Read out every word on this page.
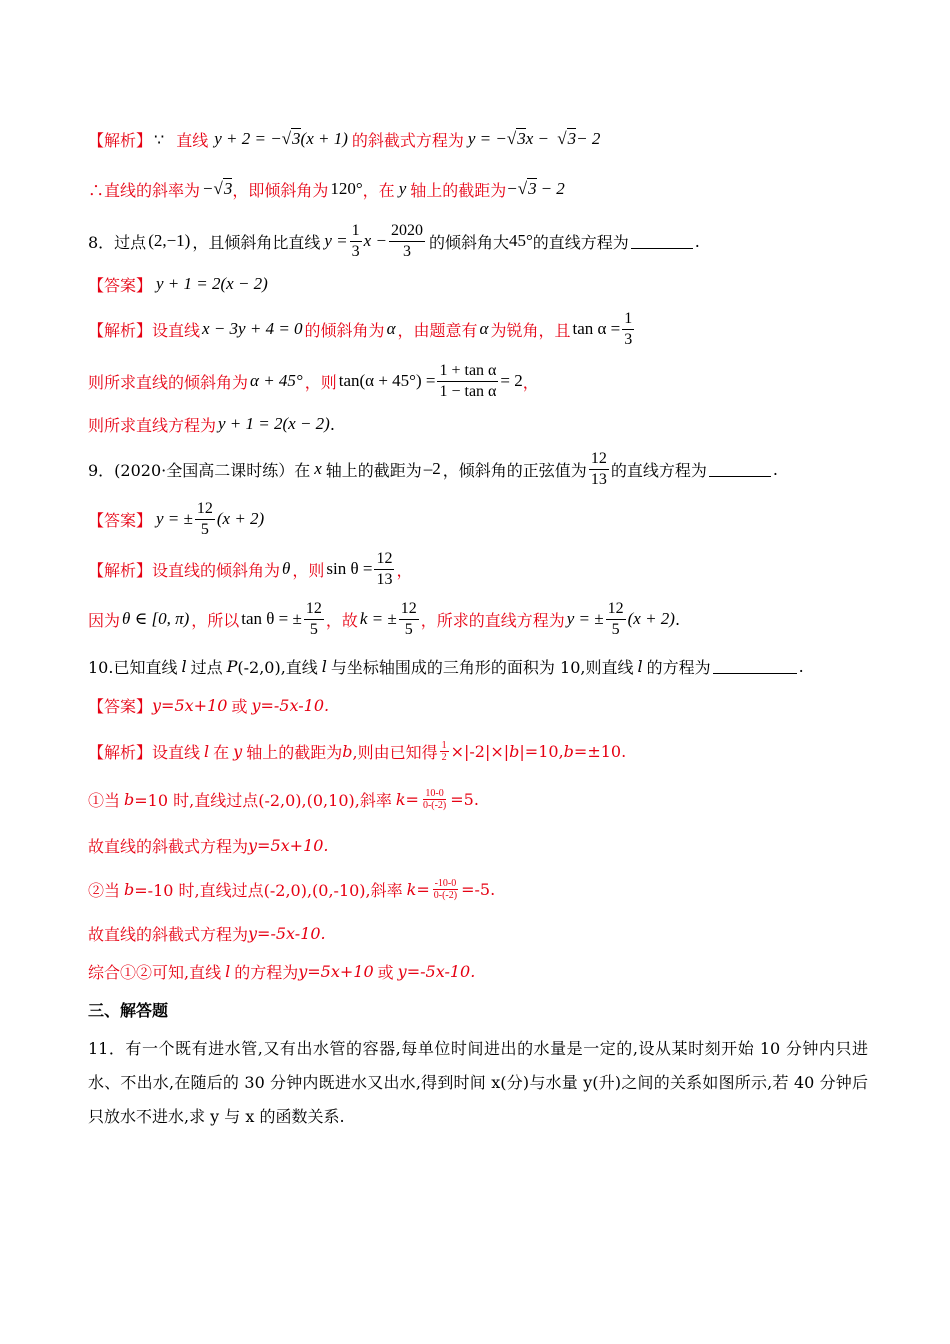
【解析】 ∵ 直线 y + 2 = −√3(x + 1) 的斜截式方程为 y = −√3x − √3− 2
∴直线的斜率为 −√3 ，即倾斜角为 120° ，在 y 轴上的截距为 −√3 − 2
8．过点 (2,−1) ，且倾斜角比直线 $y = \frac{1}{3}$ $x - \frac{2020}{3}$ 的倾斜角大 45° 的直线方程为	.
【答案】 y + 1 = 2(x − 2)
【解析】 设直线 x − 3y + 4 = 0 的倾斜角为 α ，由题意有 α 为锐角，且 $\tan \alpha = \frac{1}{3}$
则所求直线的倾斜角为 α + 45° ，则 $\tan(\alpha + 45^\circ) = \frac{\text{1 + tan α}}{\text{1 − tan α}} = 2$ ，
则所求直线方程为 y + 1 = 2(x − 2) .
9．(2020·全国高二课时练）在 x 轴上的截距为 –2 ，倾斜角的正弦值为
12
13 的直线方程为	.
【答案】 y = ± $\frac{12}{5} (x + 2)$
【解析】 设直线的倾斜角为 θ ，则 $\sin \theta = \frac{12}{13}$ ，
因为 θ ∈ [0, π) ，所以 tan θ = ± $\frac{12}{5}$ ，故 k = ± $\frac{12}{5}$ ，所求的直线方程为 y = ± $\frac{12}{5} (x + 2)$ .
10.已知直线 l 过点 P (-2,0),直线 l 与坐标轴围成的三角形的面积为 10,则直线 l 的方程为	.
【答案】 y=5x+10 或 y=-5x-10.
【解析】 设直线 l 在 y 轴上的截距为 b ,则由已知得 $\frac{1}{2} \times|-2|\times|$ b |=10, b =±10.
①当 b =10 时,直线过点(-2,0),(0,10),斜率 $k = \frac{10-0}{0-(-2)} =5$.
故直线的斜截式方程为 y=5x+10.
②当 b =-10 时,直线过点(-2,0),(0,-10),斜率 $k = \frac{-10-0}{0-(-2)} =-5$.
故直线的斜截式方程为 y=-5x-10.
综合①②可知,直线 l 的方程为 y=5x+10 或 y=-5x-10.
三、解答题
11．有一个既有进水管,又有出水管的容器,每单位时间进出的水量是一定的,设从某时刻开始 10 分钟内只进水、不出水,在随后的 30 分钟内既进水又出水,得到时间 x(分)与水量 y(升)之间的关系如图所示,若 40 分钟后只放水不进水,求 y 与 x 的函数关系.
